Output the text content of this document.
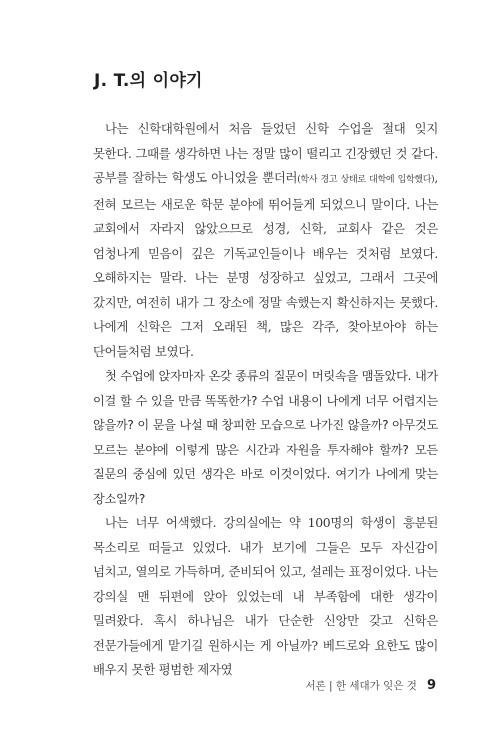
J. T.의 이야기

나는 신학대학원에서 처음 들었던 신학 수업을 절대 잊지 못한다. 그때를 생각하면 나는 정말 많이 떨리고 긴장했던 것 같다. 공부를 잘하는 학생도 아니었을 뿐더러(학사 경고 상태로 대학에 입학했다), 전혀 모르는 새로운 학문 분야에 뛰어들게 되었으니 말이다. 나는 교회에서 자라지 않았으므로 성경, 신학, 교회사 같은 것은 엄청나게 믿음이 깊은 기독교인들이나 배우는 것처럼 보였다. 오해하지는 말라. 나는 분명 성장하고 싶었고, 그래서 그곳에 갔지만, 여전히 내가 그 장소에 정말 속했는지 확신하지는 못했다. 나에게 신학은 그저 오래된 책, 많은 각주, 찾아보아야 하는 단어들처럼 보였다.

첫 수업에 앉자마자 온갖 종류의 질문이 머릿속을 맴돌았다. 내가 이걸 할 수 있을 만큼 똑똑한가? 수업 내용이 나에게 너무 어렵지는 않을까? 이 문을 나설 때 창피한 모습으로 나가진 않을까? 아무것도 모르는 분야에 이렇게 많은 시간과 자원을 투자해야 할까? 모든 질문의 중심에 있던 생각은 바로 이것이었다. 여기가 나에게 맞는 장소일까?

나는 너무 어색했다. 강의실에는 약 100명의 학생이 흥분된 목소리로 떠들고 있었다. 내가 보기에 그들은 모두 자신감이 넘치고, 열의로 가득하며, 준비되어 있고, 설레는 표정이었다. 나는 강의실 맨 뒤편에 앉아 있었는데 내 부족함에 대한 생각이 밀려왔다. 혹시 하나님은 내가 단순한 신앙만 갖고 신학은 전문가들에게 맡기길 원하시는 게 아닐까? 베드로와 요한도 많이 배우지 못한 평범한 제자였

서론 | 한 세대가 잊은 것 9
